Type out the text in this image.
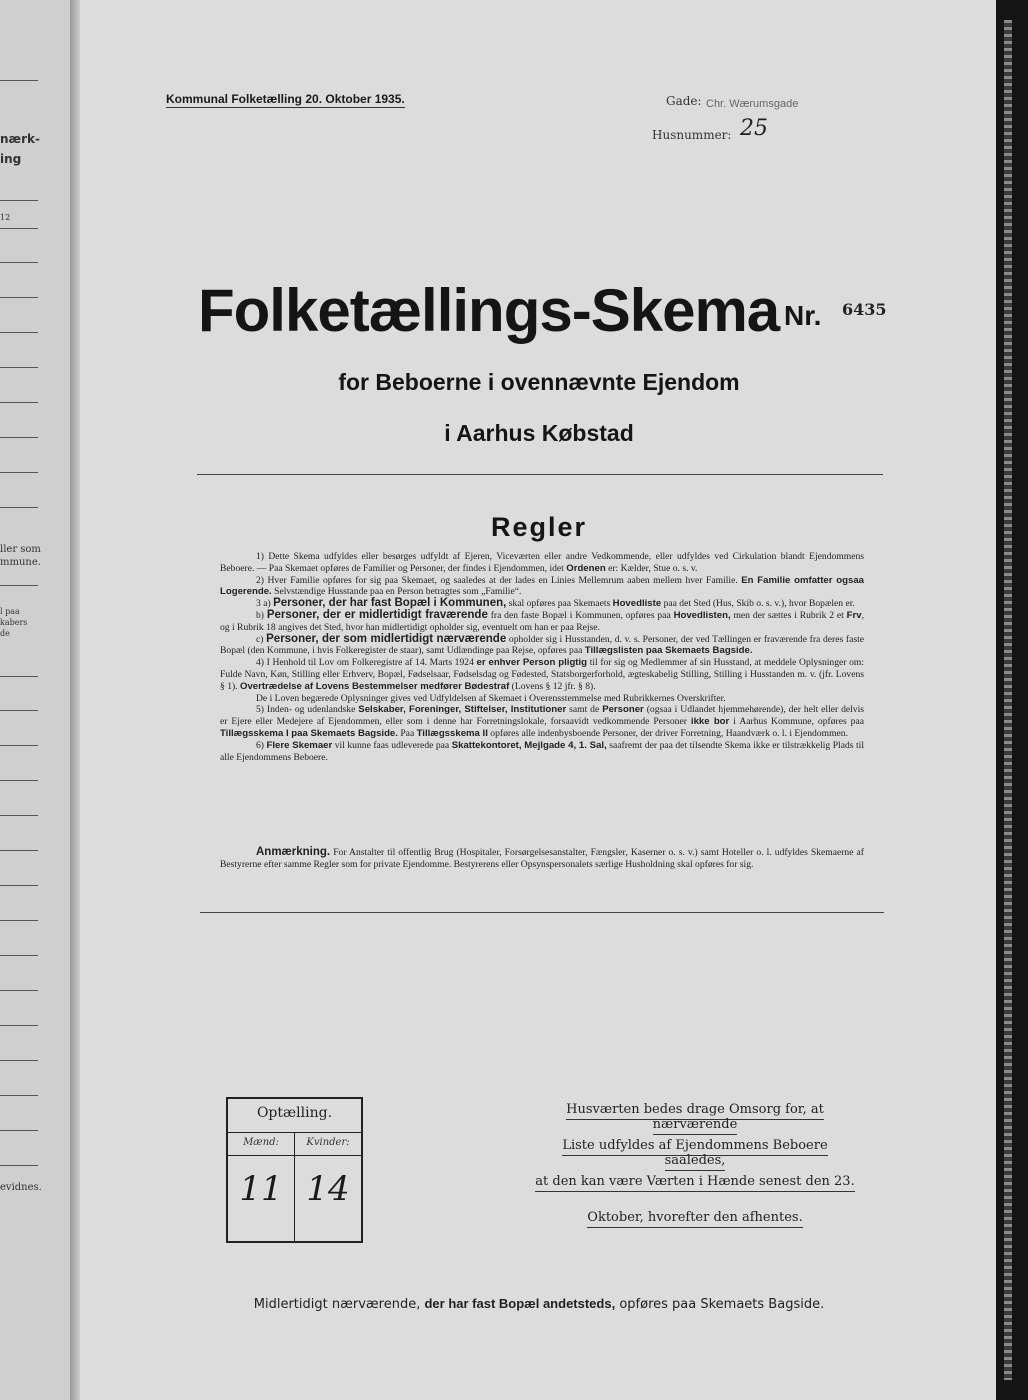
nærk-
ing
12
ller som
mmune.
l paa
kabers
de
evidnes.
Kommunal Folketælling 20. Oktober 1935.	Gade: Chr. Wærumsgade
Husnummer: 25
Folketællings-Skema Nr. 6435
for Beboerne i ovennævnte Ejendom
i Aarhus Købstad
Regler

1) Dette Skema udfyldes eller besørges udfyldt af Ejeren, Viceværten eller andre Vedkommende, eller udfyldes ved Cirkulation blandt Ejendommens Beboere. — Paa Skemaet opføres de Familier og Personer, der findes i Ejendommen, idet Ordenen er: Kælder, Stue o. s. v.

2) Hver Familie opføres for sig paa Skemaet, og saaledes at der lades en Linies Mellemrum aaben mellem hver Familie. En Familie omfatter ogsaa Logerende. Selvstændige Husstande paa en Person betragtes som „Familie“.

3 a) Personer, der har fast Bopæl i Kommunen, skal opføres paa Skemaets Hovedliste paa det Sted (Hus, Skib o. s. v.), hvor Bopælen er.

b) Personer, der er midlertidigt fraværende fra den faste Bopæl i Kommunen, opføres paa Hovedlisten, men der sættes i Rubrik 2 et Frv, og i Rubrik 18 angives det Sted, hvor han midlertidigt opholder sig, eventuelt om han er paa Rejse.

c) Personer, der som midlertidigt nærværende opholder sig i Husstanden, d. v. s. Personer, der ved Tællingen er fraværende fra deres faste Bopæl (den Kommune, i hvis Folkeregister de staar), samt Udlændinge paa Rejse, opføres paa Tillægslisten paa Skemaets Bagside.

4) I Henhold til Lov om Folkeregistre af 14. Marts 1924 er enhver Person pligtig til for sig og Medlemmer af sin Husstand, at meddele Oplysninger om: Fulde Navn, Køn, Stilling eller Erhverv, Bopæl, Fødselsaar, Fødselsdag og Fødested, Statsborgerforhold, ægteskabelig Stilling, Stilling i Husstanden m. v. (jfr. Lovens § 1). Overtrædelse af Lovens Bestemmelser medfører Bødestraf (Lovens § 12 jfr. § 8).

De i Loven begærede Oplysninger gives ved Udfyldelsen af Skemaet i Overensstemmelse med Rubrikkernes Overskrifter.

5) Inden- og udenlandske Selskaber, Foreninger, Stiftelser, Institutioner samt de Personer (ogsaa i Udlandet hjemmehørende), der helt eller delvis er Ejere eller Medejere af Ejendommen, eller som i denne har Forretningslokale, forsaavidt vedkommende Personer ikke bor i Aarhus Kommune, opføres paa Tillægsskema I paa Skemaets Bagside. Paa Tillægsskema II opføres alle indenbysboende Personer, der driver Forretning, Haandværk o. l. i Ejendommen.

6) Flere Skemaer vil kunne faas udleverede paa Skattekontoret, Mejlgade 4, 1. Sal, saafremt der paa det tilsendte Skema ikke er tilstrækkelig Plads til alle Ejendommens Beboere.

Anmærkning. For Anstalter til offentlig Brug (Hospitaler, Forsørgelsesanstalter, Fængsler, Kaserner o. s. v.) samt Hoteller o. l. udfyldes Skemaerne af Bestyrerne efter samme Regler som for private Ejendomme. Bestyrerens eller Opsynspersonalets særlige Husholdning skal opføres for sig.

Optælling.
Mænd:	Kvinder:
11 14
Husværten bedes drage Omsorg for, at nærværende
Liste udfyldes af Ejendommens Beboere saaledes,
at den kan være Værten i Hænde senest den 23.
Oktober, hvorefter den afhentes.
Midlertidigt nærværende, der har fast Bopæl andetsteds, opføres paa Skemaets Bagside.
